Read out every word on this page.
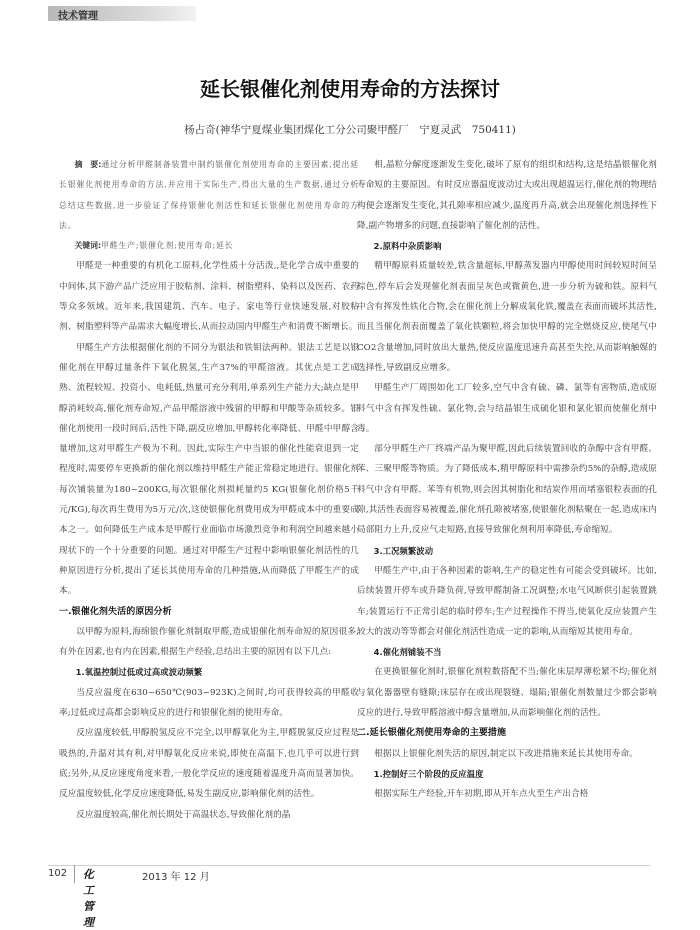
技术管理
延长银催化剂使用寿命的方法探讨
杨占奇(神华宁夏煤业集团煤化工分公司聚甲醛厂　宁夏灵武　750411)

摘　要:通过分析甲醛制备装置中制约银催化剂使用寿命的主要因素,提出延长银催化剂使用寿命的方法,并应用于实际生产,得出大量的生产数据,通过分析总结这些数据,进一步验证了保持银催化剂活性和延长银催化剂使用寿命的方法。

关键词:甲醛生产;银催化剂;使用寿命;延长

甲醛是一种重要的有机化工原料,化学性质十分活泼,,是化学合成中重要的中间体,其下游产品广泛应用于胶粘剂、涂料、树脂塑料、染料以及医药、农药等众多领域。近年来,我国建筑、汽车、电子、家电等行业快速发展,对胶粘剂、树脂塑料等产品需求大幅度增长,从而拉动国内甲醛生产和消费不断增长。

甲醛生产方法根据催化剂的不同分为银法和铁钼法两种。银法工艺是以银催化剂在甲醇过量条件下氧化脱氢,生产37%的甲醛溶液。其优点是工艺成熟、流程较短、投资小、电耗低,热量可充分利用,单系列生产能力大;缺点是甲醇消耗较高,催化剂寿命短,产品甲醛溶液中残留的甲醇和甲酸等杂质较多。银催化剂使用一段时间后,活性下降,副反应增加,甲醇转化率降低、甲醛中甲醇含量增加,这对甲醛生产极为不利。因此,实际生产中当银的催化性能衰退到一定程度时,需要停车更换新的催化剂以维持甲醛生产能正常稳定地进行。银催化剂每次铺装量为180~200KG,每次银催化剂损耗量约5 KG(银催化剂价格5千元/KG),每次再生费用为5万元/次,这使银催化剂费用成为甲醛成本中的重要成本之一。如何降低生产成本是甲醛行业面临市场激烈竞争和利润空间越来越小现状下的一个十分重要的问题。通过对甲醛生产过程中影响银催化剂活性的几种原因进行分析,提出了延长其使用寿命的几种措施,从而降低了甲醛生产的成本。

一.银催化剂失活的原因分析

以甲醇为原料,海绵银作催化剂制取甲醛,造成银催化剂寿命短的原因很多,有外在因素,也有内在因素,根据生产经验,总结出主要的原因有以下几点:

1.氧温控制过低或过高或波动频繁

当反应温度在630~650℃(903~923K)之间时,均可获得较高的甲醛收率;过低或过高都会影响反应的进行和银催化剂的使用寿命。

反应温度较低,甲醇脱氢反应不完全,以甲醇氧化为主,甲醛脱氢反应过程是吸热的,升温对其有利,对甲醇氧化反应来说,即使在高温下,也几乎可以进行到底;另外,从反应速度角度来看,一般化学反应的速度随着温度升高而显著加快。反应温度较低,化学反应速度降低,易发生副反应,影响催化剂的活性。

反应温度较高,催化剂长期处于高温状态,导致催化剂的晶

相,晶粒分解度逐渐发生变化,破坏了原有的组织和结构,这是结晶银催化剂寿命短的主要原因。有时反应器温度波动过大或出现超温运行,催化剂的物理结构便会逐渐发生变化,其孔隙率相应减少,温度再升高,就会出现催化剂选择性下降,副产物增多的问题,直接影响了催化剂的活性。

2.原料中杂质影响

精甲醇原料质量较差,铁含量超标,甲醇蒸发器内甲醇使用时间较短时间呈棕色,停车后会发现催化剂表面呈灰色或微黄色,进一步分析为硫和铁。原料气中含有挥发性铁化合物,会在催化剂上分解成氧化铁,覆盖在表面而破坏其活性,而且当催化剂表面覆盖了氧化铁颗粒,将会加快甲醇的完全燃烧反应,使尾气中CO2含量增加,同时放出大量热,使反应温度迅速升高甚至失控,从而影响触媒的选择性,导致副反应增多。

甲醛生产厂周围如化工厂较多,空气中含有硫、磷、氯等有害物质,造成原料气中含有挥发性硫、氯化物,会与结晶银生成硫化银和氯化银而使催化剂中毒。

部分甲醛生产厂终端产品为聚甲醛,因此后续装置回收的杂醇中含有甲醛、苯、三聚甲醛等物质。为了降低成本,精甲醇原料中需掺杂约5%的杂醇,造成原料气中含有甲醛、苯等有机物,则会因其树脂化和结炭作用而堵塞银粒表面的孔隙,其活性表面容易被覆盖,催化剂孔隙被堵塞,使银催化剂粘聚在一起,造成床内局部阻力上升,反应气走短路,直接导致催化剂利用率降低,寿命缩短。

3.工况频繁波动

甲醛生产中,由于各种因素的影响,生产的稳定性有可能会受到破坏。比如,后续装置开停车或升降负荷,导致甲醛制备工况调整;水电气风断供引起装置跳车;装置运行不正常引起的临时停车;生产过程操作不得当,使氧化反应装置产生较大的波动等等都会对催化剂活性造成一定的影响,从而缩短其使用寿命。

4.催化剂铺装不当

在更换银催化剂时,银催化剂粒数搭配不当;催化床层厚薄松紧不均;催化剂与氧化器器壁有缝隙;床层存在或出现裂缝、塌陷;银催化剂数量过少都会影响反应的进行,导致甲醛溶液中醇含量增加,从而影响催化剂的活性。

二.延长银催化剂使用寿命的主要措施

根据以上银催化剂失活的原因,制定以下改进措施来延长其使用寿命。

1.控制好三个阶段的反应温度

根据实际生产经验,开车初期,即从开车点火至生产出合格

102 化工管理
2013 年 12 月
